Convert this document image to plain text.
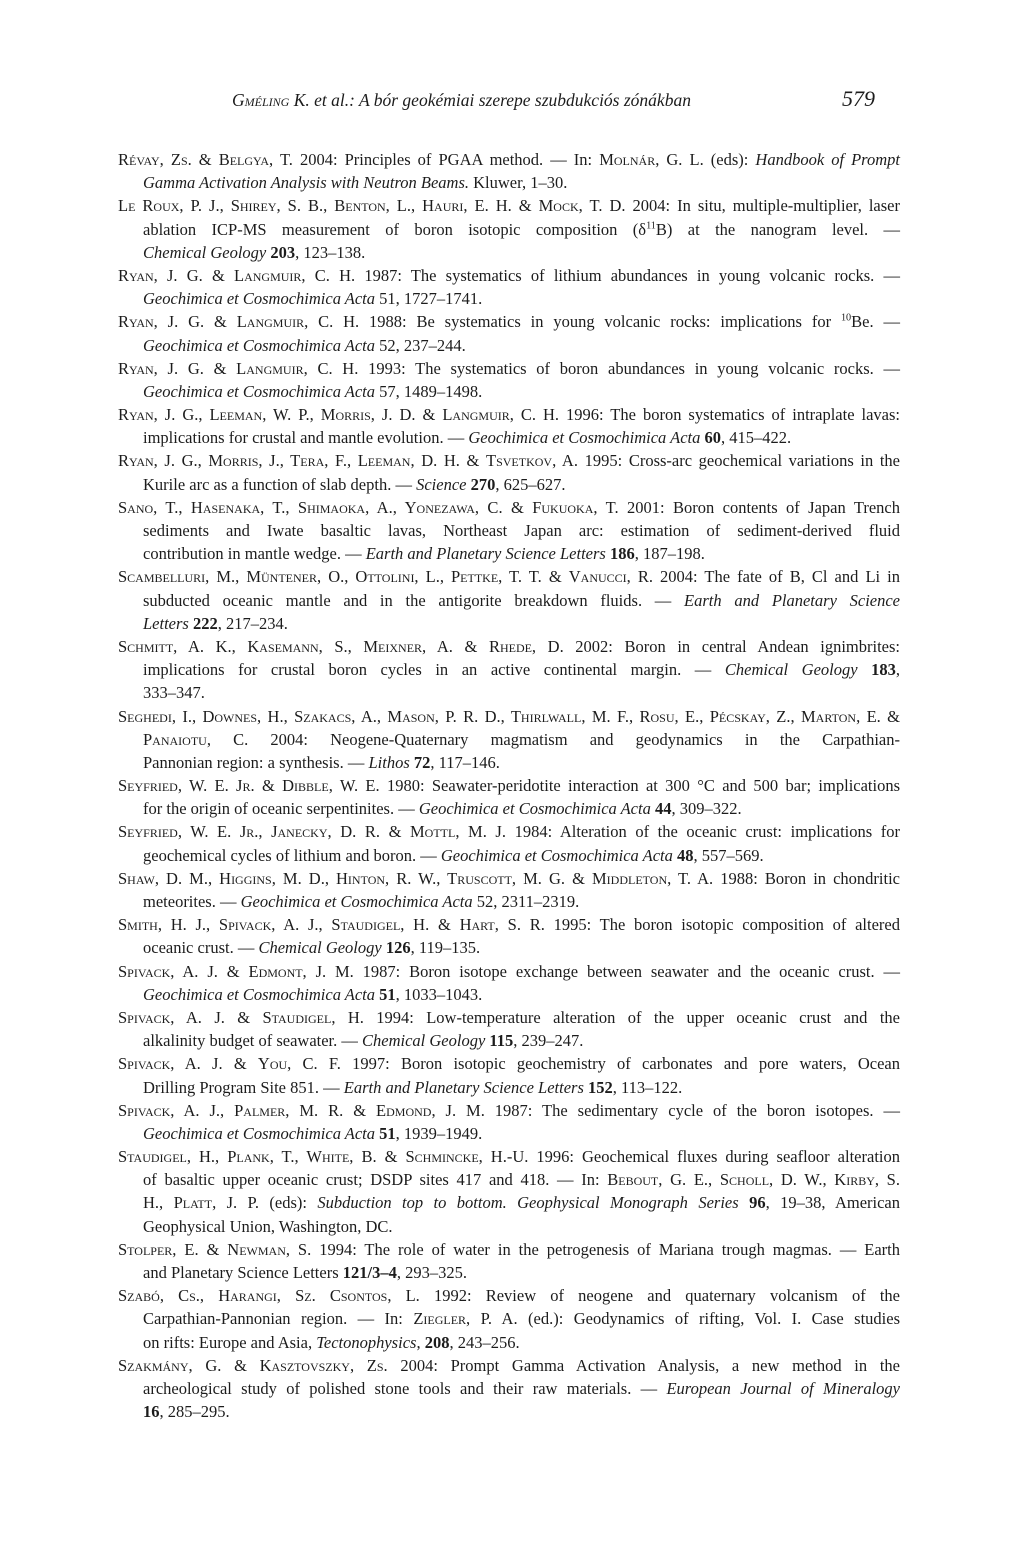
Gméling K. et al.: A bór geokémiai szerepe szubdukciós zónákban	579
Révay, Zs. & Belgya, T. 2004: Principles of PGAA method. — In: Molnár, G. L. (eds): Handbook of Prompt
Gamma Activation Analysis with Neutron Beams. Kluwer, 1–30.
Le Roux, P. J., Shirey, S. B., Benton, L., Hauri, E. H. & Mock, T. D. 2004: In situ, multiple-multiplier, laser
ablation ICP-MS measurement of boron isotopic composition $(\delta^{11}B)$ at the nanogram level. —
Chemical Geology 203, 123–138.
Ryan, J. G. & Langmuir, C. H. 1987: The systematics of lithium abundances in young volcanic rocks. —
Geochimica et Cosmochimica Acta 51, 1727–1741.
Ryan, J. G. & Langmuir, C. H. 1988: Be systematics in young volcanic rocks: implications for $^{10}$Be. —
Geochimica et Cosmochimica Acta 52, 237–244.
Ryan, J. G. & Langmuir, C. H. 1993: The systematics of boron abundances in young volcanic rocks. —
Geochimica et Cosmochimica Acta 57, 1489–1498.
Ryan, J. G., Leeman, W. P., Morris, J. D. & Langmuir, C. H. 1996: The boron systematics of intraplate lavas:
implications for crustal and mantle evolution. — Geochimica et Cosmochimica Acta 60, 415–422.
Ryan, J. G., Morris, J., Tera, F., Leeman, D. H. & Tsvetkov, A. 1995: Cross-arc geochemical variations in the
Kurile arc as a function of slab depth. — Science 270, 625–627.
Sano, T., Hasenaka, T., Shimaoka, A., Yonezawa, C. & Fukuoka, T. 2001: Boron contents of Japan Trench
sediments and Iwate basaltic lavas, Northeast Japan arc: estimation of sediment-derived fluid
contribution in mantle wedge. — Earth and Planetary Science Letters 186, 187–198.
Scambelluri, M., Müntener, O., Ottolini, L., Pettke, T. T. & Vanucci, R. 2004: The fate of B, Cl and Li in
subducted oceanic mantle and in the antigorite breakdown fluids. — Earth and Planetary Science
Letters 222, 217–234.
Schmitt, A. K., Kasemann, S., Meixner, A. & Rhede, D. 2002: Boron in central Andean ignimbrites:
implications for crustal boron cycles in an active continental margin. — Chemical Geology 183,
333–347.
Seghedi, I., Downes, H., Szakacs, A., Mason, P. R. D., Thirlwall, M. F., Rosu, E., Pécskay, Z., Marton, E. &
Panaiotu, C. 2004: Neogene-Quaternary magmatism and geodynamics in the Carpathian-
Pannonian region: a synthesis. — Lithos 72, 117–146.
Seyfried, W. E. Jr. & Dibble, W. E. 1980: Seawater-peridotite interaction at 300 °C and 500 bar; implications
for the origin of oceanic serpentinites. — Geochimica et Cosmochimica Acta 44, 309–322.
Seyfried, W. E. Jr., Janecky, D. R. & Mottl, M. J. 1984: Alteration of the oceanic crust: implications for
geochemical cycles of lithium and boron. — Geochimica et Cosmochimica Acta 48, 557–569.
Shaw, D. M., Higgins, M. D., Hinton, R. W., Truscott, M. G. & Middleton, T. A. 1988: Boron in chondritic
meteorites. — Geochimica et Cosmochimica Acta 52, 2311–2319.
Smith, H. J., Spivack, A. J., Staudigel, H. & Hart, S. R. 1995: The boron isotopic composition of altered
oceanic crust. — Chemical Geology 126, 119–135.
Spivack, A. J. & Edmont, J. M. 1987: Boron isotope exchange between seawater and the oceanic crust. —
Geochimica et Cosmochimica Acta 51, 1033–1043.
Spivack, A. J. & Staudigel, H. 1994: Low-temperature alteration of the upper oceanic crust and the
alkalinity budget of seawater. — Chemical Geology 115, 239–247.
Spivack, A. J. & You, C. F. 1997: Boron isotopic geochemistry of carbonates and pore waters, Ocean
Drilling Program Site 851. — Earth and Planetary Science Letters 152, 113–122.
Spivack, A. J., Palmer, M. R. & Edmond, J. M. 1987: The sedimentary cycle of the boron isotopes. —
Geochimica et Cosmochimica Acta 51, 1939–1949.
Staudigel, H., Plank, T., White, B. & Schmincke, H.-U. 1996: Geochemical fluxes during seafloor alteration
of basaltic upper oceanic crust; DSDP sites 417 and 418. — In: Bebout, G. E., Scholl, D. W., Kirby, S.
H., Platt, J. P. (eds): Subduction top to bottom. Geophysical Monograph Series 96, 19–38, American
Geophysical Union, Washington, DC.
Stolper, E. & Newman, S. 1994: The role of water in the petrogenesis of Mariana trough magmas. — Earth
and Planetary Science Letters 121/3–4, 293–325.
Szabó, Cs., Harangi, Sz. Csontos, L. 1992: Review of neogene and quaternary volcanism of the
Carpathian-Pannonian region. — In: Ziegler, P. A. (ed.): Geodynamics of rifting, Vol. I. Case studies
on rifts: Europe and Asia, Tectonophysics, 208, 243–256.
Szakmány, G. & Kasztovszky, Zs. 2004: Prompt Gamma Activation Analysis, a new method in the
archeological study of polished stone tools and their raw materials. — European Journal of Mineralogy
16, 285–295.
